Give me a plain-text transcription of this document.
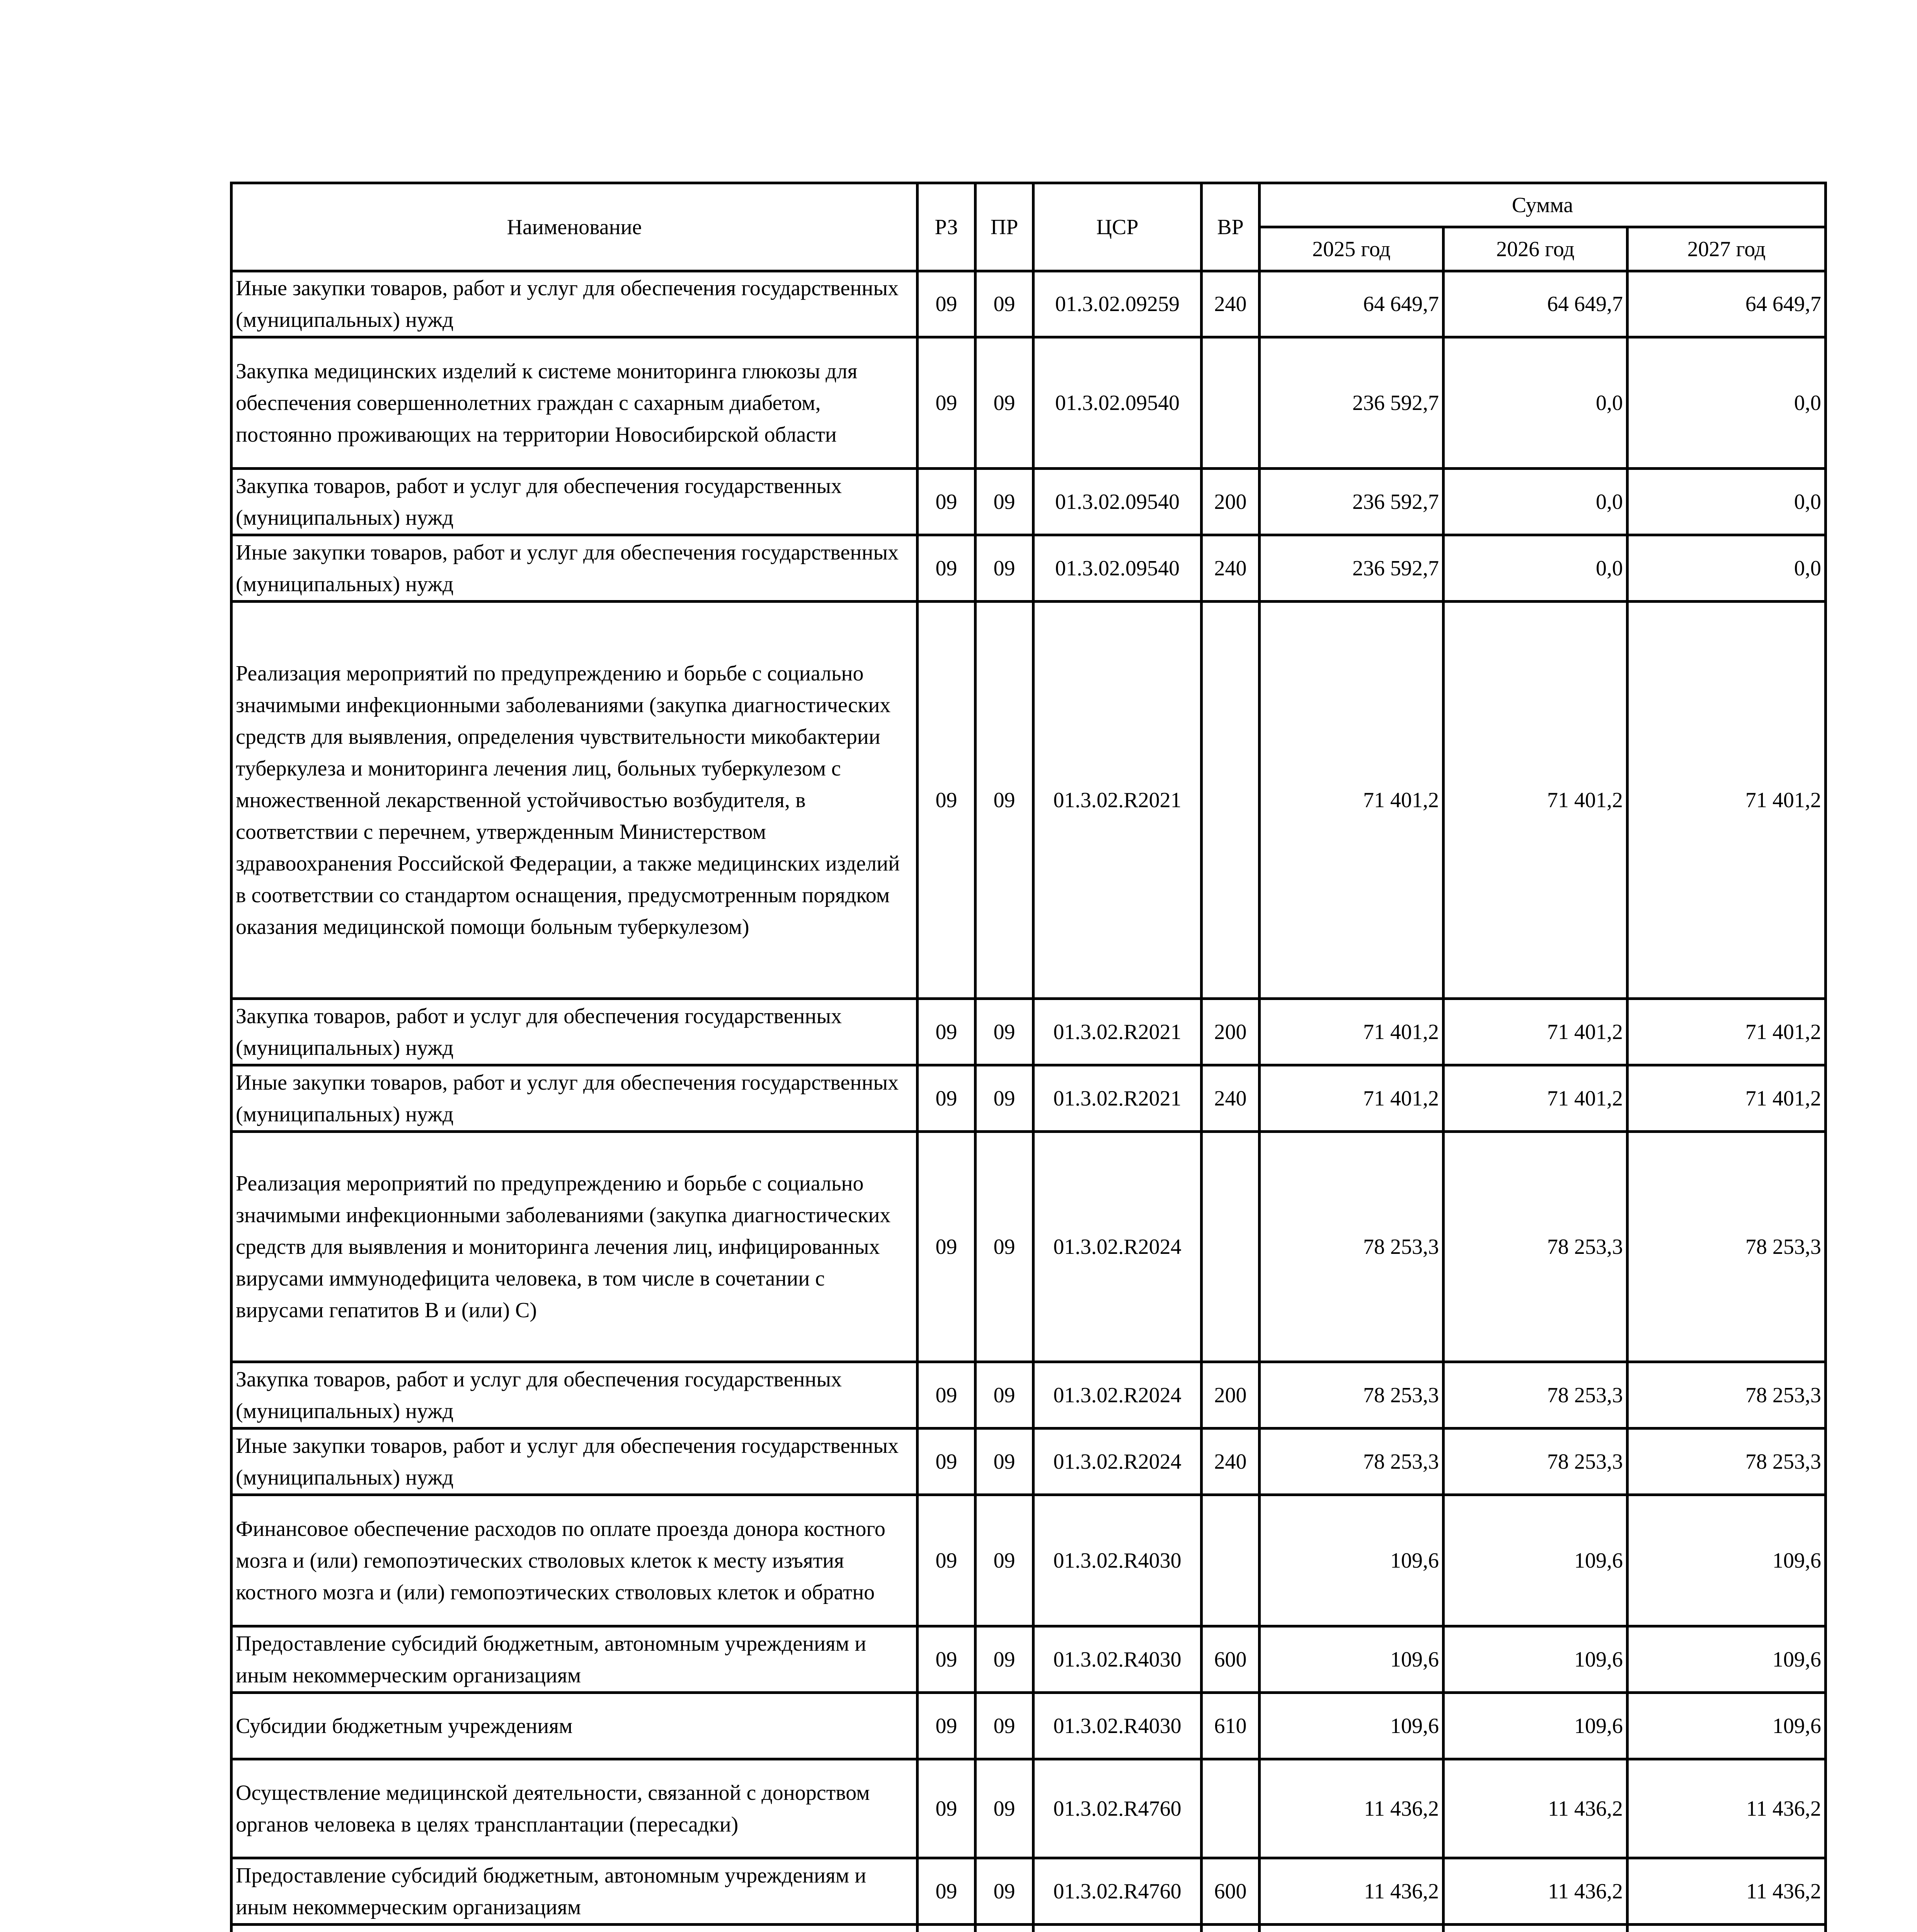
Наименование	РЗ	ПР	ЦСР	ВР	Сумма		
					2025 год	2026 год	2027 год
Иные закупки товаров, работ и услуг для обеспечения государственных (муниципальных) нужд	09	09	01.3.02.09259	240	64 649,7	64 649,7	64 649,7
Закупка медицинских изделий к системе мониторинга глюкозы для обеспечения совершеннолетних граждан с сахарным диабетом, постоянно проживающих на территории Новосибирской области	09	09	01.3.02.09540		236 592,7	0,0	0,0
Закупка товаров, работ и услуг для обеспечения государственных (муниципальных) нужд	09	09	01.3.02.09540	200	236 592,7	0,0	0,0
Иные закупки товаров, работ и услуг для обеспечения государственных (муниципальных) нужд	09	09	01.3.02.09540	240	236 592,7	0,0	0,0
Реализация мероприятий по предупреждению и борьбе с социально значимыми инфекционными заболеваниями (закупка диагностических средств для выявления, определения чувствительности микобактерии туберкулеза и мониторинга лечения лиц, больных туберкулезом с множественной лекарственной устойчивостью возбудителя, в соответствии с перечнем, утвержденным Министерством здравоохранения Российской Федерации, а также медицинских изделий в соответствии со стандартом оснащения, предусмотренным порядком оказания медицинской помощи больным туберкулезом)	09	09	01.3.02.R2021		71 401,2	71 401,2	71 401,2
Закупка товаров, работ и услуг для обеспечения государственных (муниципальных) нужд	09	09	01.3.02.R2021	200	71 401,2	71 401,2	71 401,2
Иные закупки товаров, работ и услуг для обеспечения государственных (муниципальных) нужд	09	09	01.3.02.R2021	240	71 401,2	71 401,2	71 401,2
Реализация мероприятий по предупреждению и борьбе с социально значимыми инфекционными заболеваниями (закупка диагностических средств для выявления и мониторинга лечения лиц, инфицированных вирусами иммунодефицита человека, в том числе в сочетании с вирусами гепатитов B и (или) C)	09	09	01.3.02.R2024		78 253,3	78 253,3	78 253,3
Закупка товаров, работ и услуг для обеспечения государственных (муниципальных) нужд	09	09	01.3.02.R2024	200	78 253,3	78 253,3	78 253,3
Иные закупки товаров, работ и услуг для обеспечения государственных (муниципальных) нужд	09	09	01.3.02.R2024	240	78 253,3	78 253,3	78 253,3
Финансовое обеспечение расходов по оплате проезда донора костного мозга и (или) гемопоэтических стволовых клеток к месту изъятия костного мозга и (или) гемопоэтических стволовых клеток и обратно	09	09	01.3.02.R4030		109,6	109,6	109,6
Предоставление субсидий бюджетным, автономным учреждениям и иным некоммерческим организациям	09	09	01.3.02.R4030	600	109,6	109,6	109,6
Субсидии бюджетным учреждениям	09	09	01.3.02.R4030	610	109,6	109,6	109,6
Осуществление медицинской деятельности, связанной с донорством органов человека в целях трансплантации (пересадки)	09	09	01.3.02.R4760		11 436,2	11 436,2	11 436,2
Предоставление субсидий бюджетным, автономным учреждениям и иным некоммерческим организациям	09	09	01.3.02.R4760	600	11 436,2	11 436,2	11 436,2
